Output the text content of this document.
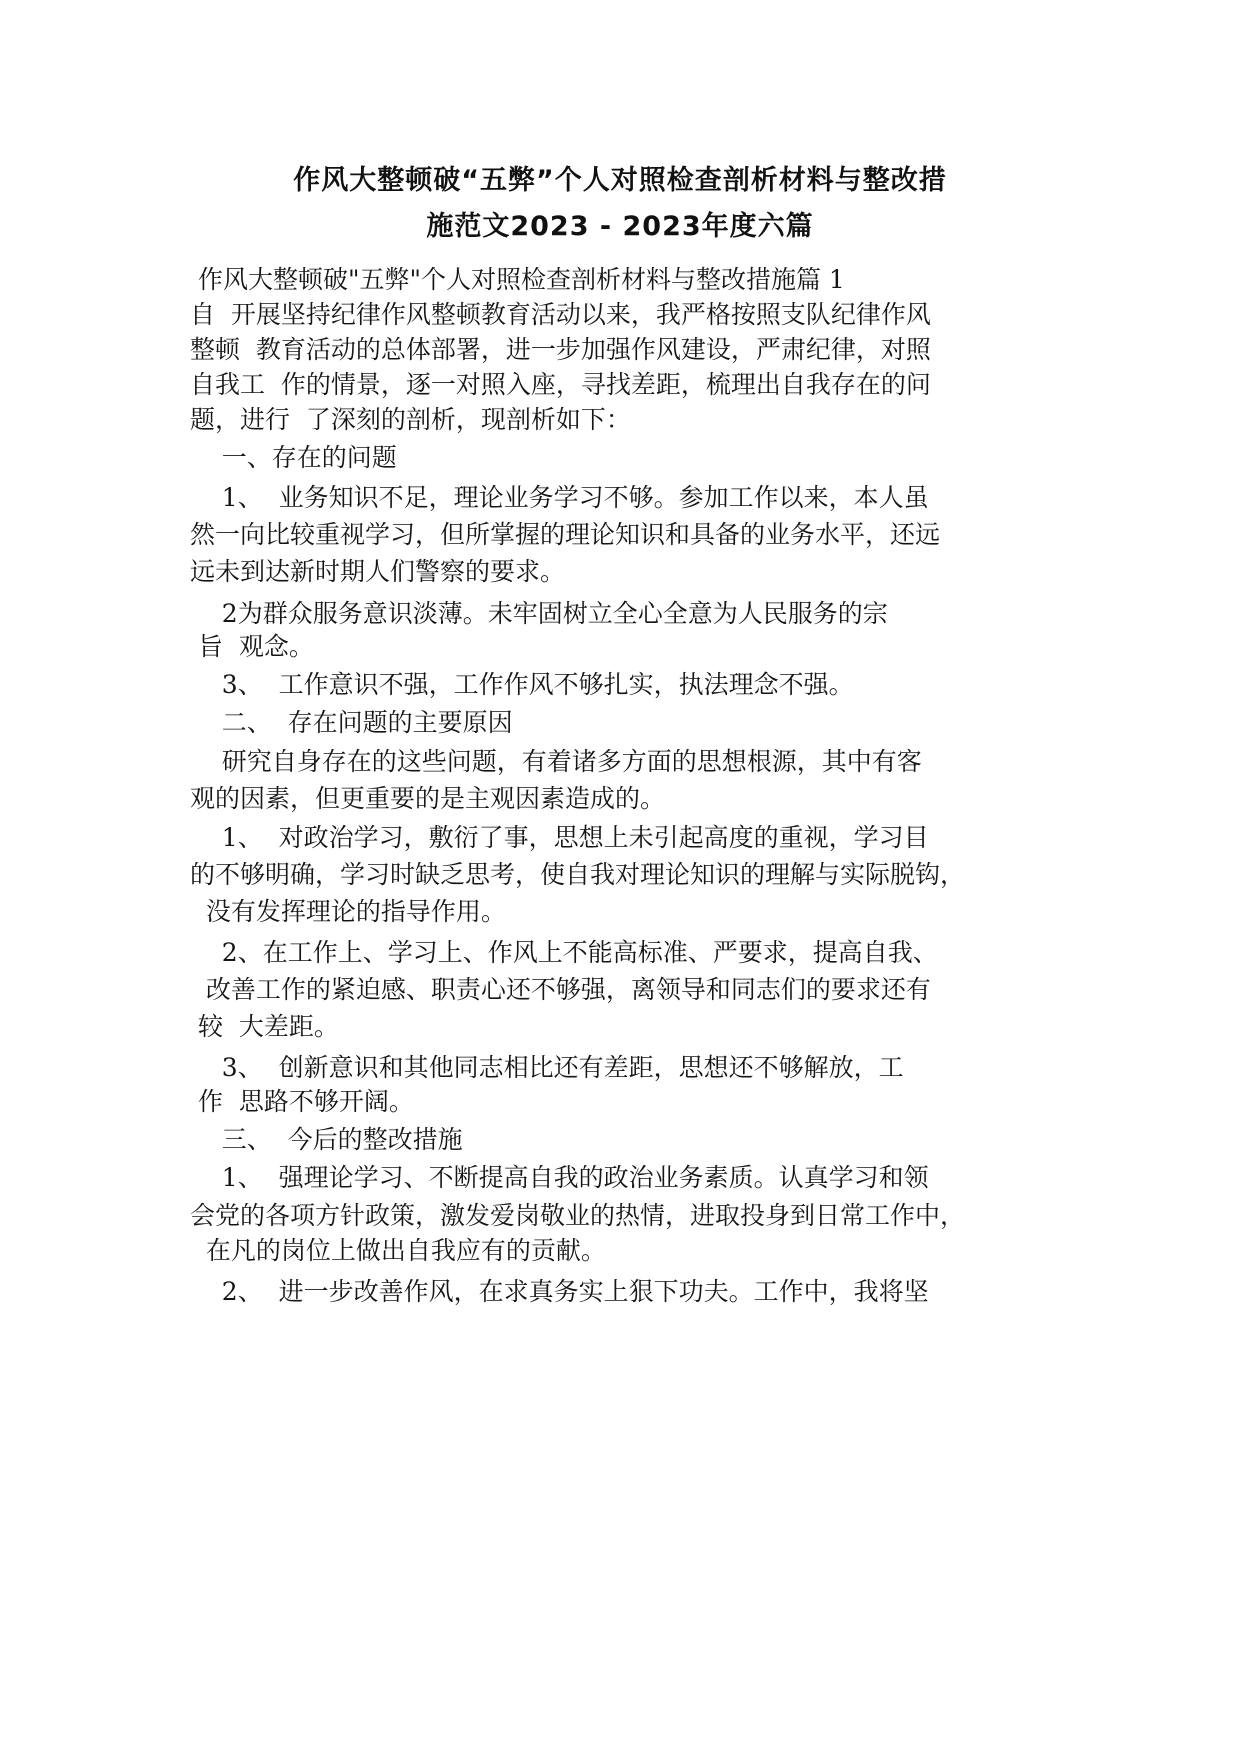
作风大整顿破“五弊”个人对照检查剖析材料与整改措
施范文2023 - 2023年度六篇
作风大整顿破"五弊"个人对照检查剖析材料与整改措施篇 1
自  开展坚持纪律作风整顿教育活动以来，我严格按照支队纪律作风
整顿  教育活动的总体部署，进一步加强作风建设，严肃纪律，对照
自我工  作的情景，逐一对照入座，寻找差距，梳理出自我存在的问
题，进行  了深刻的剖析，现剖析如下：
一、存在的问题
1、  业务知识不足，理论业务学习不够。参加工作以来，本人虽
然一向比较重视学习，但所掌握的理论知识和具备的业务水平，还远
远未到达新时期人们警察的要求。
2为群众服务意识淡薄。未牢固树立全心全意为人民服务的宗
旨  观念。
3、  工作意识不强，工作作风不够扎实，执法理念不强。
二、  存在问题的主要原因
研究自身存在的这些问题，有着诸多方面的思想根源，其中有客
观的因素，但更重要的是主观因素造成的。
1、  对政治学习，敷衍了事，思想上未引起高度的重视，学习目
的不够明确，学习时缺乏思考，使自我对理论知识的理解与实际脱钩，
没有发挥理论的指导作用。
2、在工作上、学习上、作风上不能高标准、严要求，提高自我、
改善工作的紧迫感、职责心还不够强，离领导和同志们的要求还有
较  大差距。
3、  创新意识和其他同志相比还有差距，思想还不够解放，工
作  思路不够开阔。
三、  今后的整改措施
1、  强理论学习、不断提高自我的政治业务素质。认真学习和领
会党的各项方针政策，激发爱岗敬业的热情，进取投身到日常工作中，
在凡的岗位上做出自我应有的贡献。
2、  进一步改善作风，在求真务实上狠下功夫。工作中，我将坚
